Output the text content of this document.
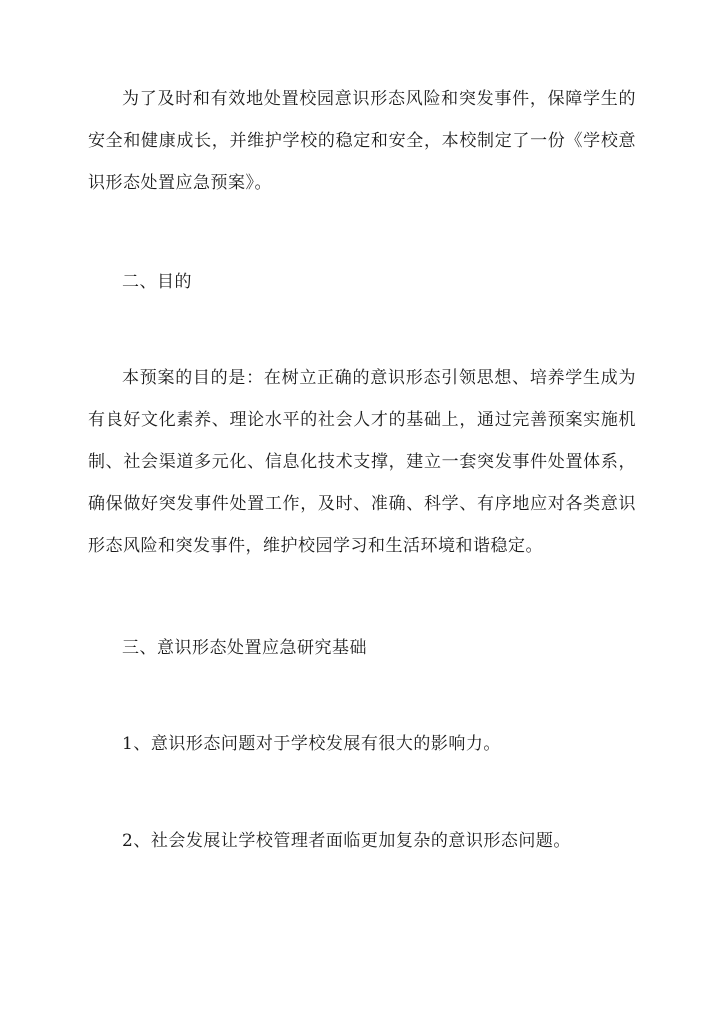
为了及时和有效地处置校园意识形态风险和突发事件，保障学生的安全和健康成长，并维护学校的稳定和安全，本校制定了一份《学校意识形态处置应急预案》。

二、目的

本预案的目的是：在树立正确的意识形态引领思想、培养学生成为有良好文化素养、理论水平的社会人才的基础上，通过完善预案实施机制、社会渠道多元化、信息化技术支撑，建立一套突发事件处置体系，确保做好突发事件处置工作，及时、准确、科学、有序地应对各类意识形态风险和突发事件，维护校园学习和生活环境和谐稳定。

三、意识形态处置应急研究基础

1、意识形态问题对于学校发展有很大的影响力。

2、社会发展让学校管理者面临更加复杂的意识形态问题。
